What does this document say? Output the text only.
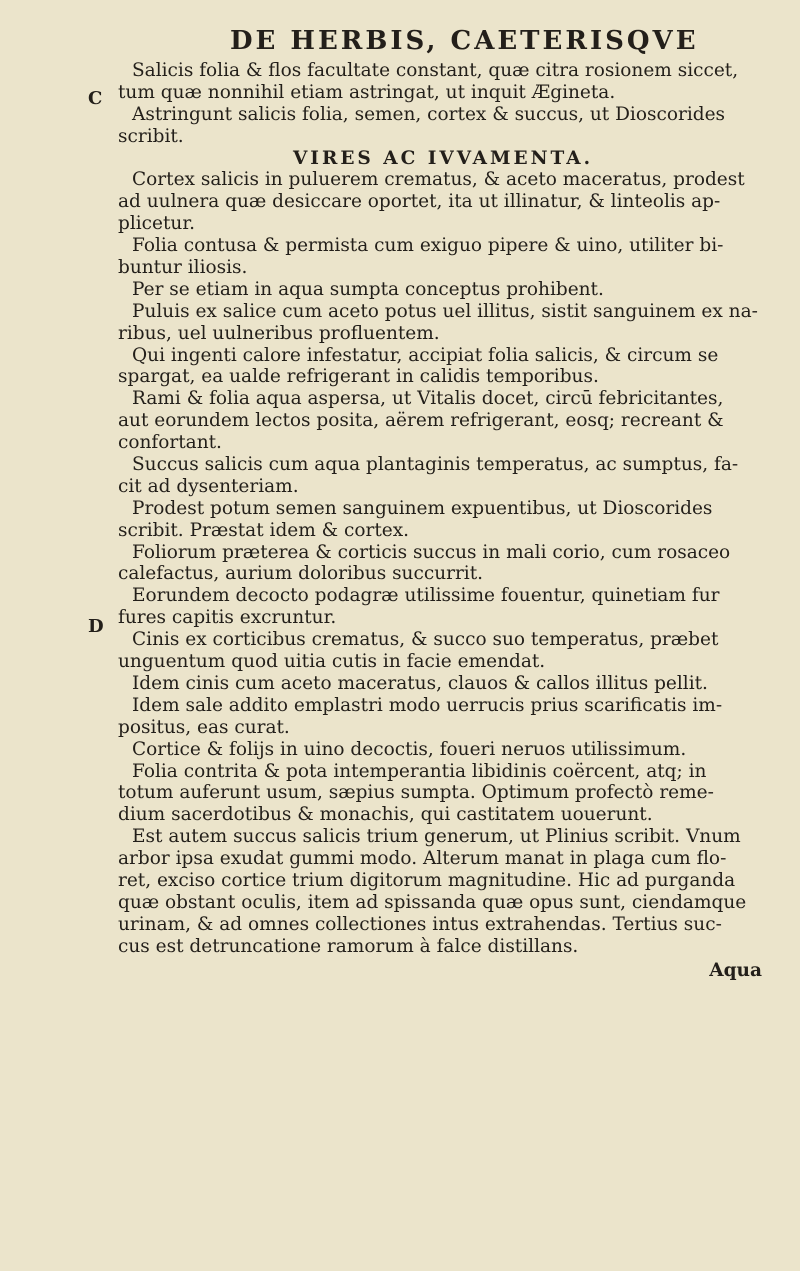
DE HERBIS, CAETERISQVE
C
D
Salicis folia & flos facultate constant, quæ citra rosionem siccet,
tum quæ nonnihil etiam astringat, ut inquit Ægineta.
Astringunt salicis folia, semen, cortex & succus, ut Dioscorides
scribit.
VIRES AC IVVAMENTA.
Cortex salicis in puluerem crematus, & aceto maceratus, prodest
ad uulnera quæ desiccare oportet, ita ut illinatur, & linteolis ap-
plicetur.
Folia contusa & permista cum exiguo pipere & uino, utiliter bi-
buntur iliosis.
Per se etiam in aqua sumpta conceptus prohibent.
Puluis ex salice cum aceto potus uel illitus, sistit sanguinem ex na-
ribus, uel uulneribus profluentem.
Qui ingenti calore infestatur, accipiat folia salicis, & circum se
spargat, ea ualde refrigerant in calidis temporibus.
Rami & folia aqua aspersa, ut Vitalis docet, circū febricitantes,
aut eorundem lectos posita, aërem refrigerant, eosq; recreant &
confortant.
Succus salicis cum aqua plantaginis temperatus, ac sumptus, fa-
cit ad dysenteriam.
Prodest potum semen sanguinem expuentibus, ut Dioscorides
scribit. Præstat idem & cortex.
Foliorum præterea & corticis succus in mali corio, cum rosaceo
calefactus, aurium doloribus succurrit.
Eorundem decocto podagræ utilissime fouentur, quinetiam fur
fures capitis excruntur.
Cinis ex corticibus crematus, & succo suo temperatus, præbet
unguentum quod uitia cutis in facie emendat.
Idem cinis cum aceto maceratus, clauos & callos illitus pellit.
Idem sale addito emplastri modo uerrucis prius scarificatis im-
positus, eas curat.
Cortice & folijs in uino decoctis, foueri neruos utilissimum.
Folia contrita & pota intemperantia libidinis coërcent, atq; in
totum auferunt usum, sæpius sumpta. Optimum profectò reme-
dium sacerdotibus & monachis, qui castitatem uouerunt.
Est autem succus salicis trium generum, ut Plinius scribit. Vnum
arbor ipsa exudat gummi modo. Alterum manat in plaga cum flo-
ret, exciso cortice trium digitorum magnitudine. Hic ad purganda
quæ obstant oculis, item ad spissanda quæ opus sunt, ciendamque
urinam, & ad omnes collectiones intus extrahendas. Tertius suc-
cus est detruncatione ramorum à falce distillans.
Aqua
